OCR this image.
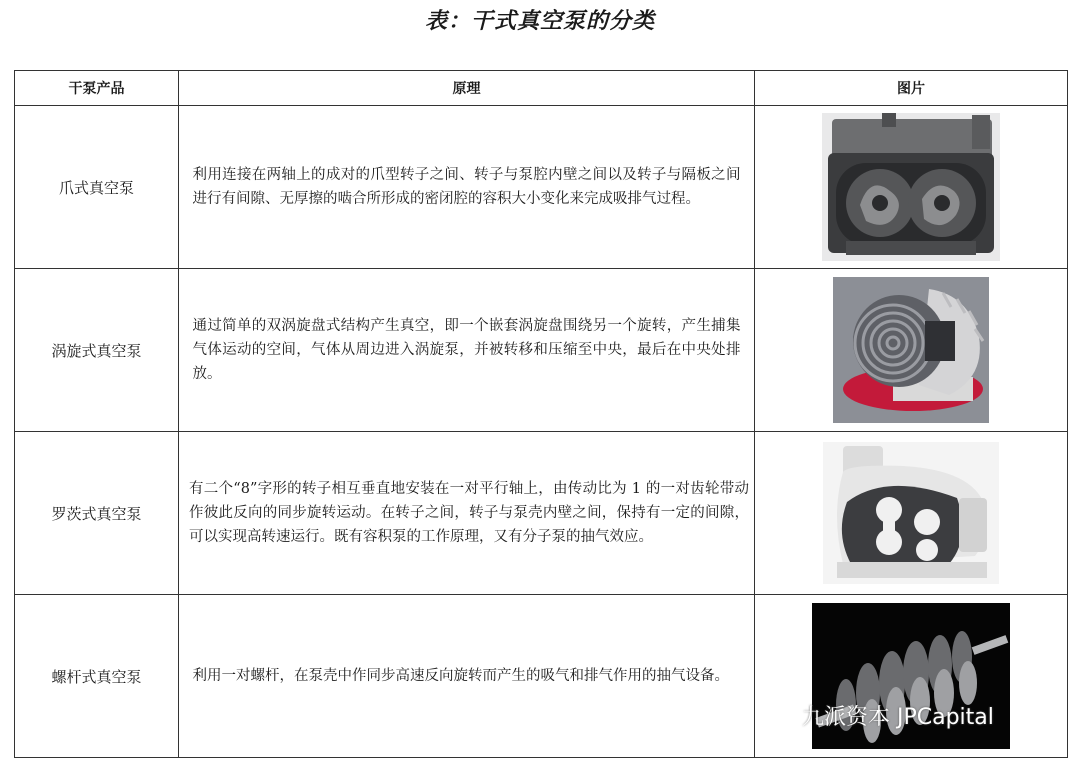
表：干式真空泵的分类
干泵产品	原理	图片
爪式真空泵	利用连接在两轴上的成对的爪型转子之间、转子与泵腔内壁之间以及转子与隔板之间进行有间隙、无厚擦的啮合所形成的密闭腔的容积大小变化来完成吸排气过程。	
涡旋式真空泵	通过简单的双涡旋盘式结构产生真空，即一个嵌套涡旋盘围绕另一个旋转，产生捕集气体运动的空间，气体从周边进入涡旋泵，并被转移和压缩至中央，最后在中央处排放。	
罗茨式真空泵	有二个“8”字形的转子相互垂直地安装在一对平行轴上，由传动比为 1 的一对齿轮带动作彼此反向的同步旋转运动。在转子之间，转子与泵壳内壁之间，保持有一定的间隙，可以实现高转速运行。既有容积泵的工作原理，又有分子泵的抽气效应。	
螺杆式真空泵	利用一对螺杆，在泵壳中作同步高速反向旋转而产生的吸气和排气作用的抽气设备。	
九派资本 JPCapital
